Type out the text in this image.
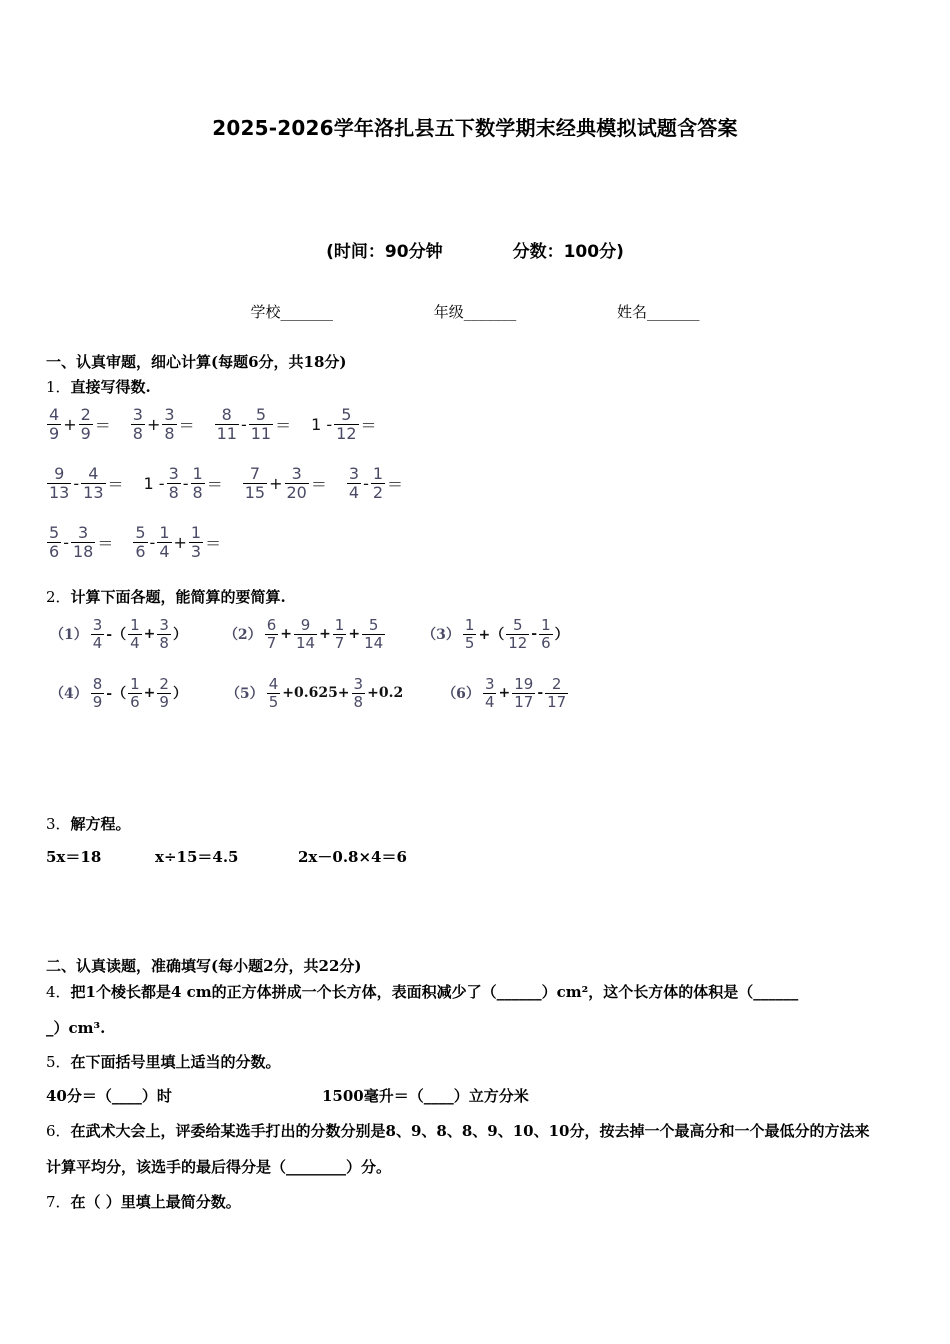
2025-2026学年洛扎县五下数学期末经典模拟试题含答案
(时间：90分钟	分数：100分)
学校_______	年级_______	姓名_______
一、认真审题，细心计算(每题6分，共18分)
1．直接写得数.
$\frac{4}{9} + \frac{2}{9} = \frac{3}{8} + \frac{3}{8} = \frac{8}{11} - \frac{5}{11} = 1 - \frac{5}{12}$ ＝
$\frac{9}{13} - \frac{4}{13} = 1 - \frac{3}{8} - \frac{1}{8} = \frac{7}{15} + \frac{3}{20} = \frac{3}{4} - \frac{1}{2}$ ＝
$\frac{5}{6} - \frac{3}{18} = \frac{5}{6} - \frac{1}{4} + \frac{1}{3}$ ＝
2．计算下面各题，能简算的要简算.
$(1) \frac{3}{4}$ -（ $\frac{1}{4} + \frac{3}{8}$ ）	$(2) \frac{6}{7} + \frac{9}{14} + \frac{1}{7} + \frac{5}{14}$	$(3) \frac{1}{5}$ +（ $\frac{5}{12} - \frac{1}{6}$ ）
$(4) \frac{8}{9}$ -（ $\frac{1}{6} + \frac{2}{9}$ ）	$(5) \frac{4}{5} +0.625+ \frac{3}{8} +0.2$	$(6) \frac{3}{4} + \frac{19}{17} - \frac{2}{17}$
3．解方程。
5x＝18	x÷15＝4.5	2x－0.8×4＝6
二、认真读题，准确填写(每小题2分，共22分)
4．把1个棱长都是4 cm的正方体拼成一个长方体，表面积减少了（______）cm²，这个长方体的体积是（______
_）cm³.
5．在下面括号里填上适当的分数。
40分＝（____）时	1500毫升＝（____）立方分米
6．在武术大会上，评委给某选手打出的分数分别是8、9、8、8、9、10、10分，按去掉一个最高分和一个最低分的方法来
计算平均分，该选手的最后得分是（________）分。
7．在（ ）里填上最简分数。
